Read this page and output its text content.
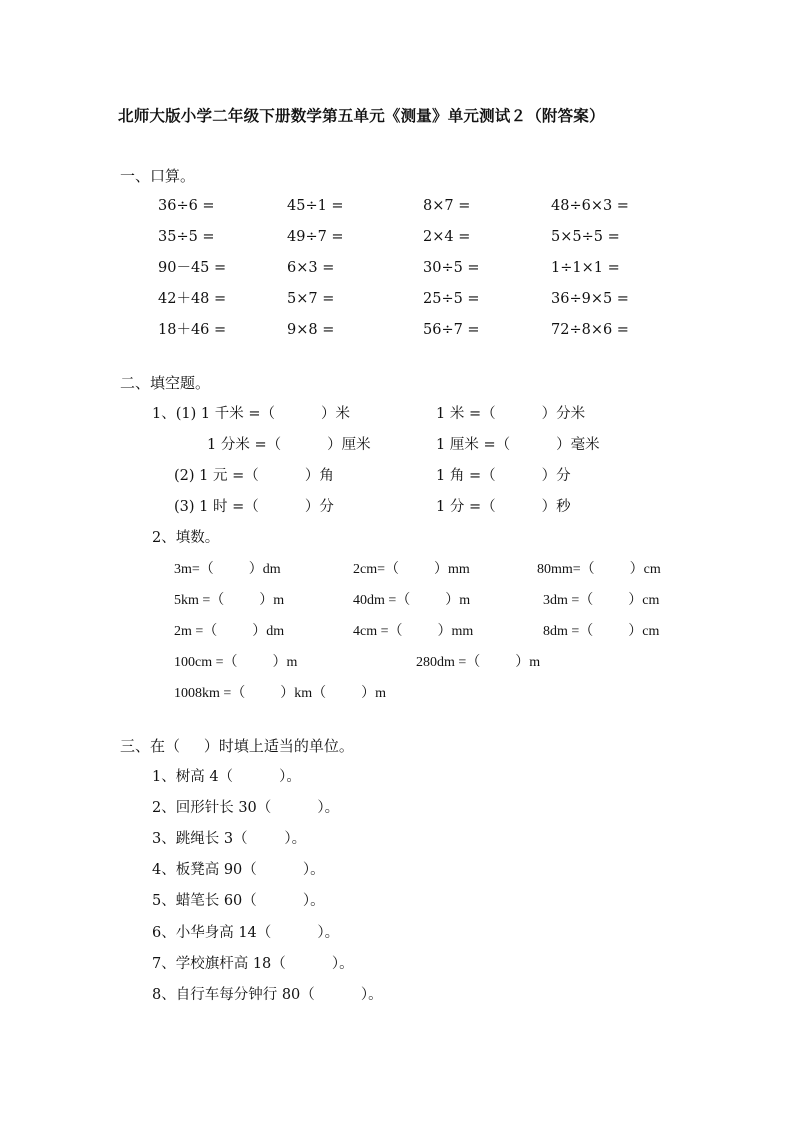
北师大版小学二年级下册数学第五单元《测量》单元测试２（附答案）
一、口算。
36÷6 =	45÷1 =	8×7 =	48÷6×3 =
35÷5 =	49÷7 =	2×4 =	5×5÷5 =
90－45 =	6×3 =	30÷5 =	1÷1×1 =
42＋48 =	5×7 =	25÷5 =	36÷9×5 =
18＋46 =	9×8 =	56÷7 =	72÷8×6 =
二、填空题。
1、(1) 1 千米 =（          ）米	1 米 =（          ）分米
1 分米 =（          ）厘米	1 厘米 =（          ）毫米
(2) 1 元 =（          ）角	1 角 =（          ）分
(3) 1 时 =（          ）分	1 分 =（          ）秒
2、填数。
3m=（          ）dm	2cm=（          ）mm	80mm=（          ）cm
5km =（          ）m	40dm =（          ）m	3dm =（          ）cm
2m =（          ）dm	4cm =（          ）mm	8dm =（          ）cm
100cm =（          ）m	280dm =（          ）m
1008km =（          ）km（          ）m
三、在（     ）时填上适当的单位。
1、树高 4（          ）。
2、回形针长 30（          ）。
3、跳绳长 3（        ）。
4、板凳高 90（          ）。
5、蜡笔长 60（          ）。
6、小华身高 14（          ）。
7、学校旗杆高 18（          ）。
8、自行车每分钟行 80（          ）。
